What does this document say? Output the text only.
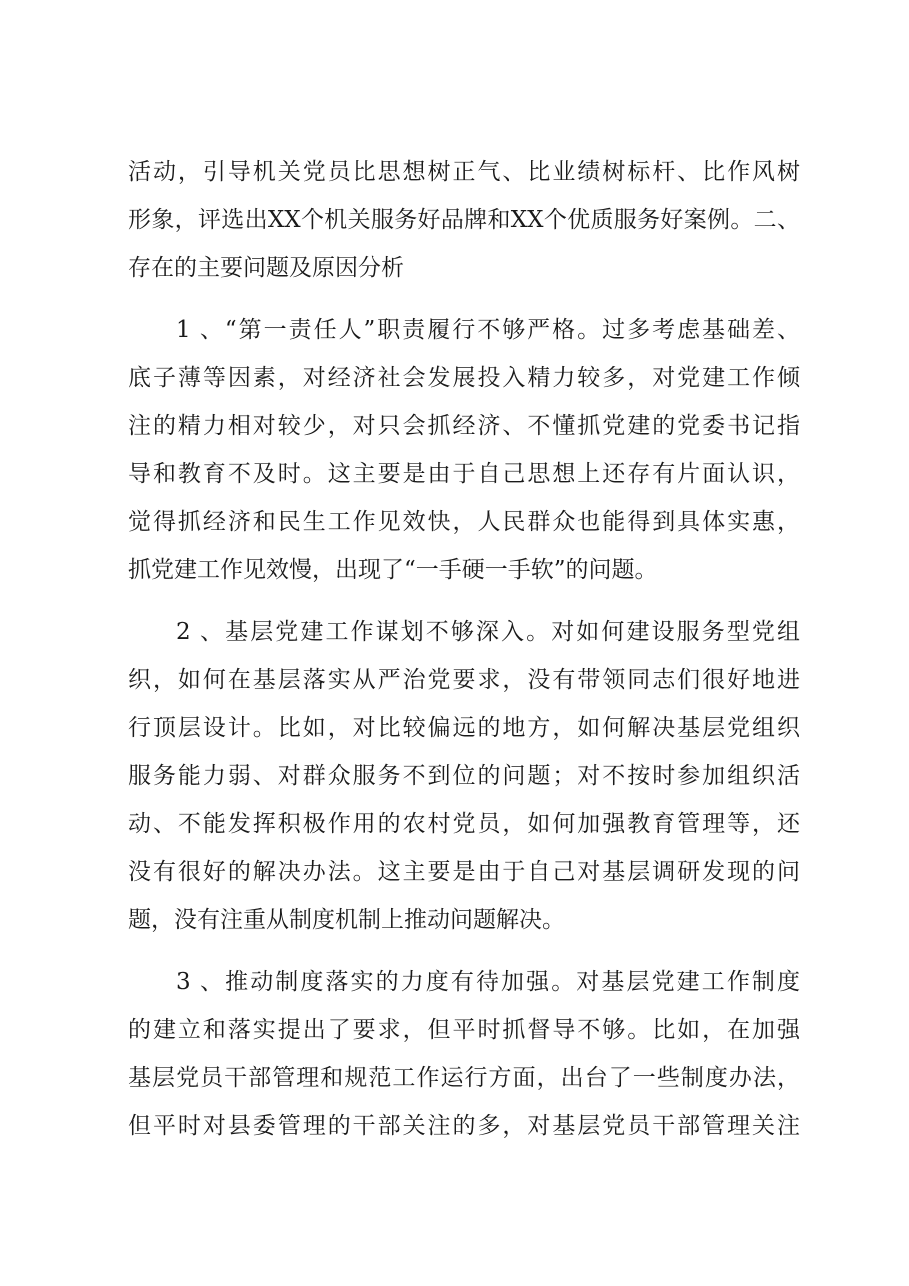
活动，引导机关党员比思想树正气、比业绩树标杆、比作风树
形象，评选出XX个机关服务好品牌和XX个优质服务好案例。二、
存在的主要问题及原因分析
1 、“第一责任人”职责履行不够严格。过多考虑基础差、
底子薄等因素，对经济社会发展投入精力较多，对党建工作倾
注的精力相对较少，对只会抓经济、不懂抓党建的党委书记指
导和教育不及时。这主要是由于自己思想上还存有片面认识，
觉得抓经济和民生工作见效快，人民群众也能得到具体实惠，
抓党建工作见效慢，出现了“一手硬一手软”的问题。
2 、基层党建工作谋划不够深入。对如何建设服务型党组
织，如何在基层落实从严治党要求，没有带领同志们很好地进
行顶层设计。比如，对比较偏远的地方，如何解决基层党组织
服务能力弱、对群众服务不到位的问题；对不按时参加组织活
动、不能发挥积极作用的农村党员，如何加强教育管理等，还
没有很好的解决办法。这主要是由于自己对基层调研发现的问
题，没有注重从制度机制上推动问题解决。
3 、推动制度落实的力度有待加强。对基层党建工作制度
的建立和落实提出了要求，但平时抓督导不够。比如，在加强
基层党员干部管理和规范工作运行方面，出台了一些制度办法，
但平时对县委管理的干部关注的多，对基层党员干部管理关注
